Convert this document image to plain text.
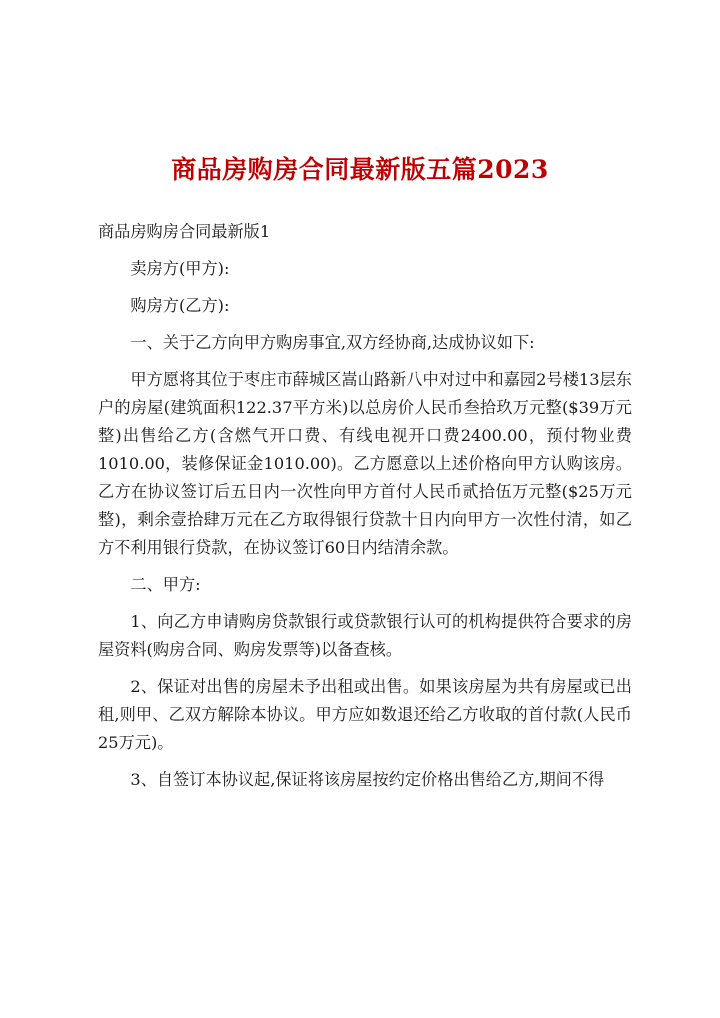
商品房购房合同最新版五篇2023

商品房购房合同最新版1

卖房方(甲方):

购房方(乙方):

一、关于乙方向甲方购房事宜,双方经协商,达成协议如下:

甲方愿将其位于枣庄市薛城区嵩山路新八中对过中和嘉园2号楼13层东户的房屋(建筑面积122.37平方米)以总房价人民币叁拾玖万元整($39万元整)出售给乙方(含燃气开口费、有线电视开口费2400.00，预付物业费1010.00，装修保证金1010.00)。乙方愿意以上述价格向甲方认购该房。乙方在协议签订后五日内一次性向甲方首付人民币贰拾伍万元整($25万元整)，剩余壹拾肆万元在乙方取得银行贷款十日内向甲方一次性付清，如乙方不利用银行贷款，在协议签订60日内结清余款。

二、甲方:

1、向乙方申请购房贷款银行或贷款银行认可的机构提供符合要求的房屋资料(购房合同、购房发票等)以备查核。

2、保证对出售的房屋未予出租或出售。如果该房屋为共有房屋或已出租,则甲、乙双方解除本协议。甲方应如数退还给乙方收取的首付款(人民币25万元)。

3、自签订本协议起,保证将该房屋按约定价格出售给乙方,期间不得
